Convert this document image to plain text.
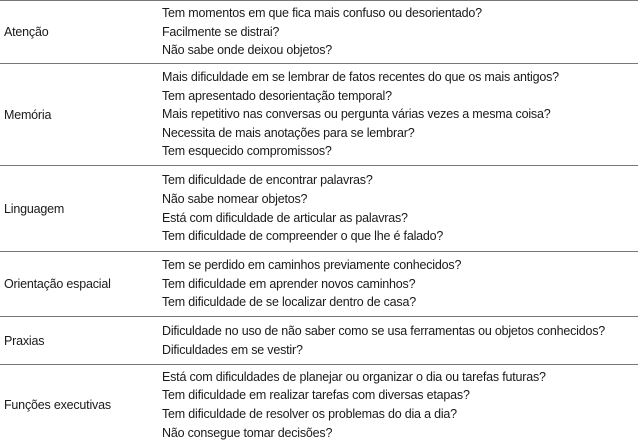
Atenção
Tem momentos em que fica mais confuso ou desorientado?
Facilmente se distrai?
Não sabe onde deixou objetos?
Memória
Mais dificuldade em se lembrar de fatos recentes do que os mais antigos?
Tem apresentado desorientação temporal?
Mais repetitivo nas conversas ou pergunta várias vezes a mesma coisa?
Necessita de mais anotações para se lembrar?
Tem esquecido compromissos?
Linguagem
Tem dificuldade de encontrar palavras?
Não sabe nomear objetos?
Está com dificuldade de articular as palavras?
Tem dificuldade de compreender o que lhe é falado?
Orientação espacial
Tem se perdido em caminhos previamente conhecidos?
Tem dificuldade em aprender novos caminhos?
Tem dificuldade de se localizar dentro de casa?
Praxias
Dificuldade no uso de não saber como se usa ferramentas ou objetos conhecidos?
Dificuldades em se vestir?
Funções executivas
Está com dificuldades de planejar ou organizar o dia ou tarefas futuras?
Tem dificuldade em realizar tarefas com diversas etapas?
Tem dificuldade de resolver os problemas do dia a dia?
Não consegue tomar decisões?
